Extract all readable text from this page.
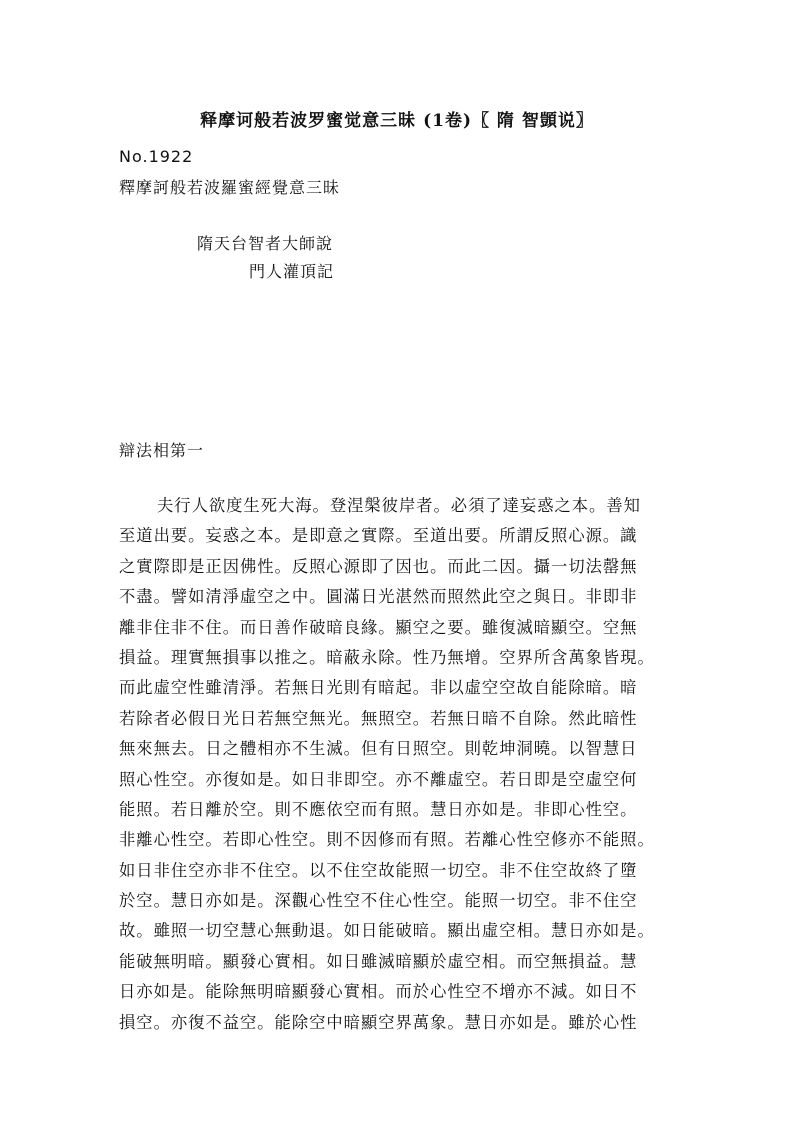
释摩诃般若波罗蜜觉意三昧 (1卷)〖 隋 智顗说〗
No.1922
釋摩訶般若波羅蜜經覺意三昧
隋天台智者大師說
門人灌頂記
辯法相第一
夫行人欲度生死大海。登涅槃彼岸者。必須了達妄惑之本。善知
至道出要。妄惑之本。是即意之實際。至道出要。所謂反照心源。識
之實際即是正因佛性。反照心源即了因也。而此二因。攝一切法罄無
不盡。譬如清淨虛空之中。圓滿日光湛然而照然此空之與日。非即非
離非住非不住。而日善作破暗良緣。顯空之要。雖復滅暗顯空。空無
損益。理實無損事以推之。暗蔽永除。性乃無增。空界所含萬象皆現。
而此虛空性雖清淨。若無日光則有暗起。非以虛空空故自能除暗。暗
若除者必假日光日若無空無光。無照空。若無日暗不自除。然此暗性
無來無去。日之體相亦不生滅。但有日照空。則乾坤洞曉。以智慧日
照心性空。亦復如是。如日非即空。亦不離虛空。若日即是空虛空何
能照。若日離於空。則不應依空而有照。慧日亦如是。非即心性空。
非離心性空。若即心性空。則不因修而有照。若離心性空修亦不能照。
如日非住空亦非不住空。以不住空故能照一切空。非不住空故終了墮
於空。慧日亦如是。深觀心性空不住心性空。能照一切空。非不住空
故。雖照一切空慧心無動退。如日能破暗。顯出虛空相。慧日亦如是。
能破無明暗。顯發心實相。如日雖滅暗顯於虛空相。而空無損益。慧
日亦如是。能除無明暗顯發心實相。而於心性空不增亦不減。如日不
損空。亦復不益空。能除空中暗顯空界萬象。慧日亦如是。雖於心性
